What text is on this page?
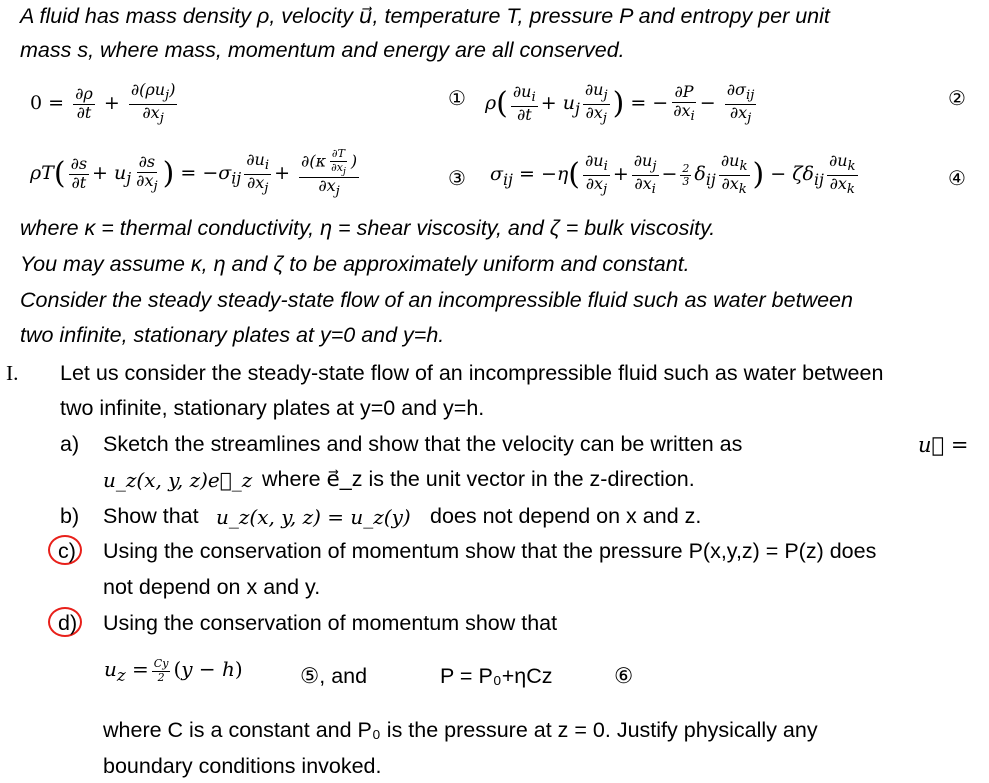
A fluid has mass density ρ, velocity u⃗, temperature T, pressure P and entropy per unit
mass s, where mass, momentum and energy are all conserved.
$0 = \frac{\partial\rho}{\partial t} + \frac{\partial(\rho u_j)}{\partial x_j}$	① $\rho( \frac{\partial u_i}{\partial t} + u_j \frac{\partial u_j}{\partial x_j}$ ) = − $\frac{\partial P}{\partial x_i} - \frac{\partial\sigma_{ij}}{\partial x_j}$	②
$\rho T( \frac{\partial s}{\partial t} + u_j \frac{\partial s}{\partial x_j}$ ) = $-\sigma_{ij} \frac{\partial u_i}{\partial x_j} + \frac{\partial(\kappa \frac{\partial T}{\partial x_j} )}{\partial x_j}$	③ $\sigma_{ij} = -\eta( \frac{\partial u_i}{\partial x_j} + \frac{\partial u_j}{\partial x_i} - \frac{2}{3} \delta_{ij} \frac{\partial u_k}{\partial x_k}$ ) − $\zeta\delta_{ij} \frac{\partial u_k}{\partial x_k}$	④
where κ = thermal conductivity, η = shear viscosity, and ζ = bulk viscosity.
You may assume κ, η and ζ to be approximately uniform and constant.
Consider the steady steady-state flow of an incompressible fluid such as water between
two infinite, stationary plates at y=0 and y=h.
I. Let us consider the steady-state flow of an incompressible fluid such as water between
two infinite, stationary plates at y=0 and y=h.
a) Sketch the streamlines and show that the velocity can be written as	u⃗ =
u_z(x, y, z)e⃗_z where e⃗_z is the unit vector in the z-direction.
b) Show that u_z(x, y, z) = u_z(y) does not depend on x and z.
c) Using the conservation of momentum show that the pressure P(x,y,z) = P(z) does
not depend on x and y.
d) Using the conservation of momentum show that
$u_z = \frac{Cy}{2} (y - h)$	⑤, and	P = P₀+ηCz	⑥
where C is a constant and P₀ is the pressure at z = 0. Justify physically any
boundary conditions invoked.
